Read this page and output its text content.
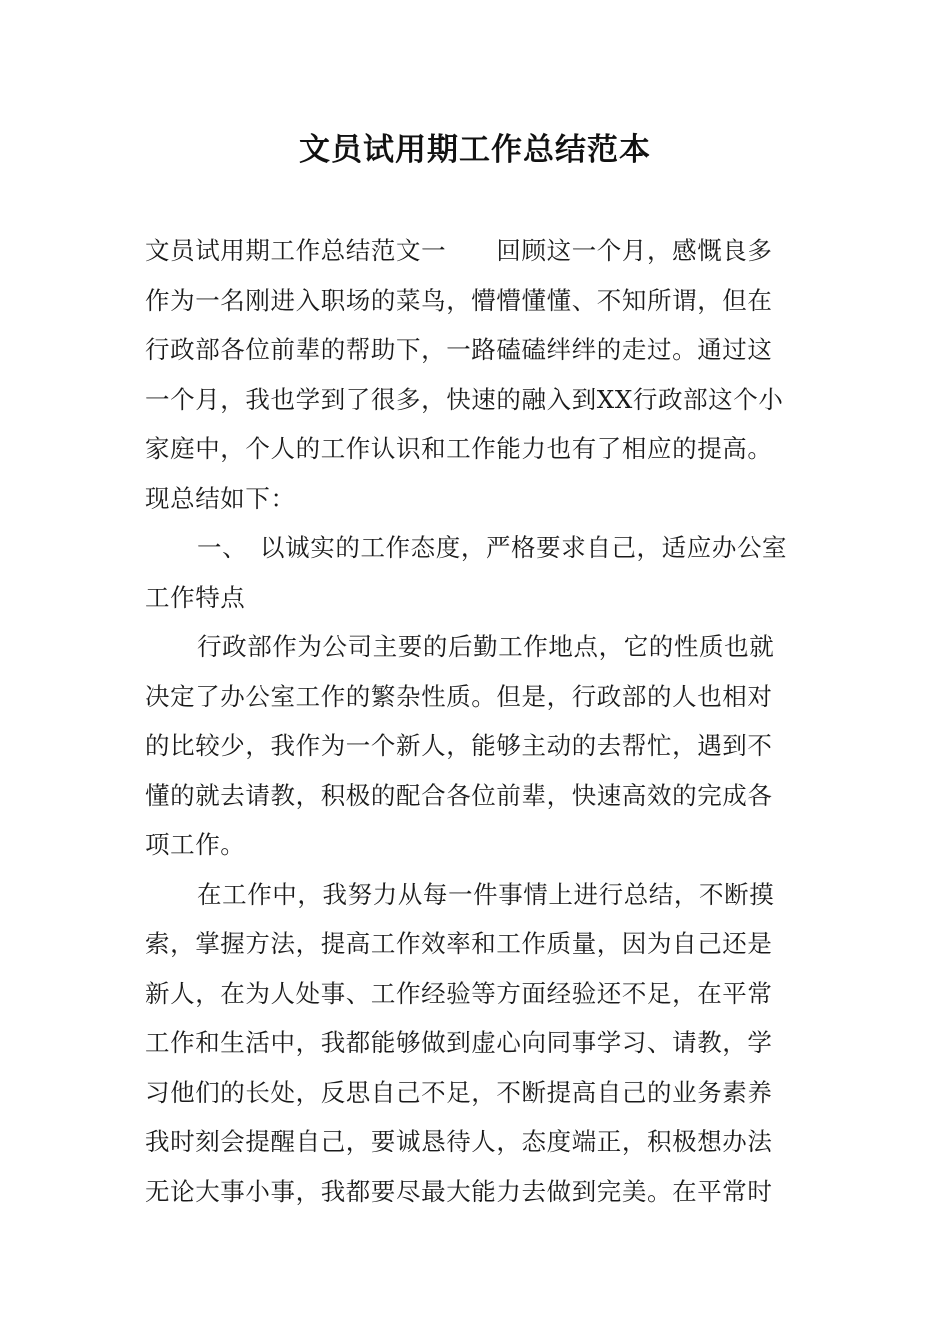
文员试用期工作总结范本
文员试用期工作总结范文一　　回顾这一个月，感慨良多
作为一名刚进入职场的菜鸟，懵懵懂懂、不知所谓，但在
行政部各位前辈的帮助下，一路磕磕绊绊的走过。通过这
一个月，我也学到了很多，快速的融入到XX行政部这个小
家庭中，个人的工作认识和工作能力也有了相应的提高。
现总结如下：
一、　以诚实的工作态度，严格要求自己，适应办公室
工作特点
行政部作为公司主要的后勤工作地点，它的性质也就
决定了办公室工作的繁杂性质。但是，行政部的人也相对
的比较少，我作为一个新人，能够主动的去帮忙，遇到不
懂的就去请教，积极的配合各位前辈，快速高效的完成各
项工作。
在工作中，我努力从每一件事情上进行总结，不断摸
索，掌握方法，提高工作效率和工作质量，因为自己还是
新人，在为人处事、工作经验等方面经验还不足，在平常
工作和生活中，我都能够做到虚心向同事学习、请教，学
习他们的长处，反思自己不足，不断提高自己的业务素养
我时刻会提醒自己，要诚恳待人，态度端正，积极想办法
无论大事小事，我都要尽最大能力去做到完美。在平常时
